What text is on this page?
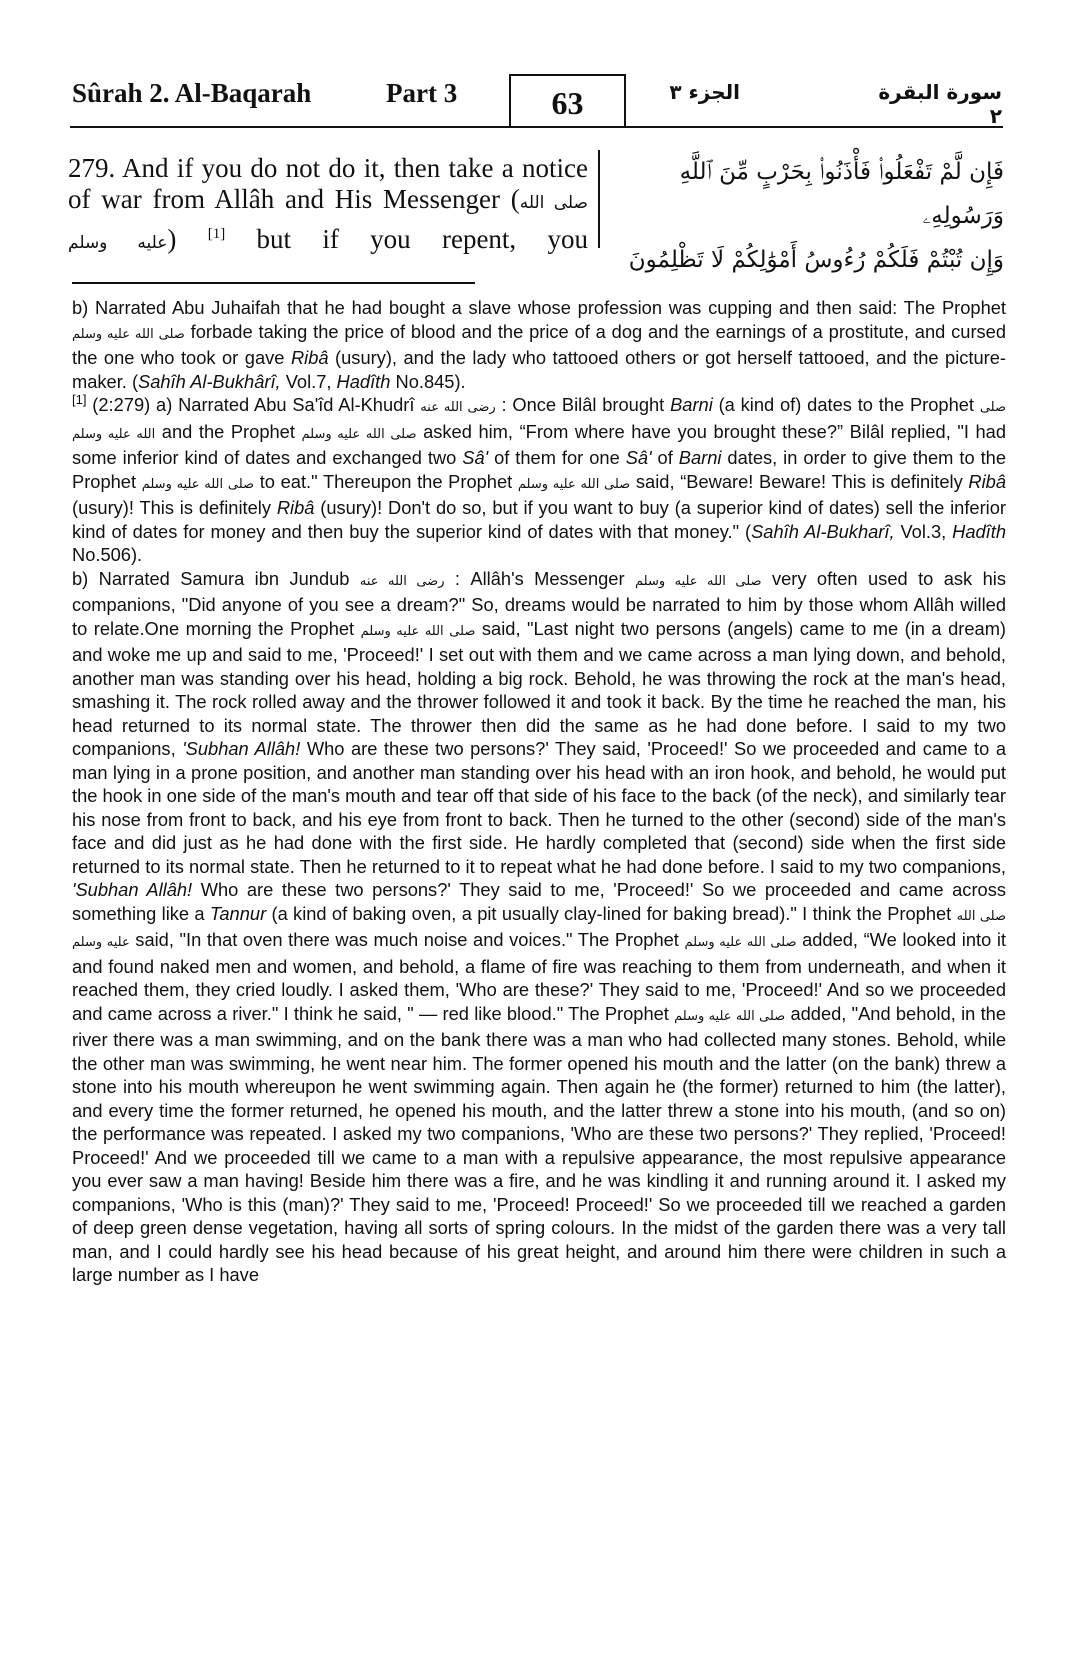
Sûrah 2. Al-Baqarah	Part 3	63	الجزء ٣	سورة البقرة ٢
279. And if you do not do it, then take a notice of war from Allâh and His Messenger (صلى الله عليه وسلم) [1] but if you repent, you
فَإِن لَّمْ تَفْعَلُوا۟ فَأْذَنُوا۟ بِحَرْبٍ مِّنَ ٱللَّهِ وَرَسُولِهِۦ
وَإِن تُبْتُمْ فَلَكُمْ رُءُوسُ أَمْوَٰلِكُمْ لَا تَظْلِمُونَ

b) Narrated Abu Juhaifah that he had bought a slave whose profession was cupping and then said: The Prophet صلى الله عليه وسلم forbade taking the price of blood and the price of a dog and the earnings of a prostitute, and cursed the one who took or gave Ribâ (usury), and the lady who tattooed others or got herself tattooed, and the picture-maker. (Sahîh Al-Bukhârî, Vol.7, Hadîth No.845).

[1] (2:279) a) Narrated Abu Sa'îd Al-Khudrî رضى الله عنه : Once Bilâl brought Barni (a kind of) dates to the Prophet صلى الله عليه وسلم and the Prophet صلى الله عليه وسلم asked him, “From where have you brought these?” Bilâl replied, "I had some inferior kind of dates and exchanged two Sâ' of them for one Sâ' of Barni dates, in order to give them to the Prophet صلى الله عليه وسلم to eat." Thereupon the Prophet صلى الله عليه وسلم said, “Beware! Beware! This is definitely Ribâ (usury)! This is definitely Ribâ (usury)! Don't do so, but if you want to buy (a superior kind of dates) sell the inferior kind of dates for money and then buy the superior kind of dates with that money." (Sahîh Al-Bukharî, Vol.3, Hadîth No.506).

b) Narrated Samura ibn Jundub رضى الله عنه : Allâh's Messenger صلى الله عليه وسلم very often used to ask his companions, "Did anyone of you see a dream?" So, dreams would be narrated to him by those whom Allâh willed to relate.One morning the Prophet صلى الله عليه وسلم said, "Last night two persons (angels) came to me (in a dream) and woke me up and said to me, 'Proceed!' I set out with them and we came across a man lying down, and behold, another man was standing over his head, holding a big rock. Behold, he was throwing the rock at the man's head, smashing it. The rock rolled away and the thrower followed it and took it back. By the time he reached the man, his head returned to its normal state. The thrower then did the same as he had done before. I said to my two companions, 'Subhan Allâh! Who are these two persons?' They said, 'Proceed!' So we proceeded and came to a man lying in a prone position, and another man standing over his head with an iron hook, and behold, he would put the hook in one side of the man's mouth and tear off that side of his face to the back (of the neck), and similarly tear his nose from front to back, and his eye from front to back. Then he turned to the other (second) side of the man's face and did just as he had done with the first side. He hardly completed that (second) side when the first side returned to its normal state. Then he returned to it to repeat what he had done before. I said to my two companions, 'Subhan Allâh! Who are these two persons?' They said to me, 'Proceed!' So we proceeded and came across something like a Tannur (a kind of baking oven, a pit usually clay-lined for baking bread)." I think the Prophet صلى الله عليه وسلم said, "In that oven there was much noise and voices." The Prophet صلى الله عليه وسلم added, “We looked into it and found naked men and women, and behold, a flame of fire was reaching to them from underneath, and when it reached them, they cried loudly. I asked them, 'Who are these?' They said to me, 'Proceed!' And so we proceeded and came across a river." I think he said, " — red like blood." The Prophet صلى الله عليه وسلم added, "And behold, in the river there was a man swimming, and on the bank there was a man who had collected many stones. Behold, while the other man was swimming, he went near him. The former opened his mouth and the latter (on the bank) threw a stone into his mouth whereupon he went swimming again. Then again he (the former) returned to him (the latter), and every time the former returned, he opened his mouth, and the latter threw a stone into his mouth, (and so on) the performance was repeated. I asked my two companions, 'Who are these two persons?' They replied, 'Proceed! Proceed!' And we proceeded till we came to a man with a repulsive appearance, the most repulsive appearance you ever saw a man having! Beside him there was a fire, and he was kindling it and running around it. I asked my companions, 'Who is this (man)?' They said to me, 'Proceed! Proceed!' So we proceeded till we reached a garden of deep green dense vegetation, having all sorts of spring colours. In the midst of the garden there was a very tall man, and I could hardly see his head because of his great height, and around him there were children in such a large number as I have
